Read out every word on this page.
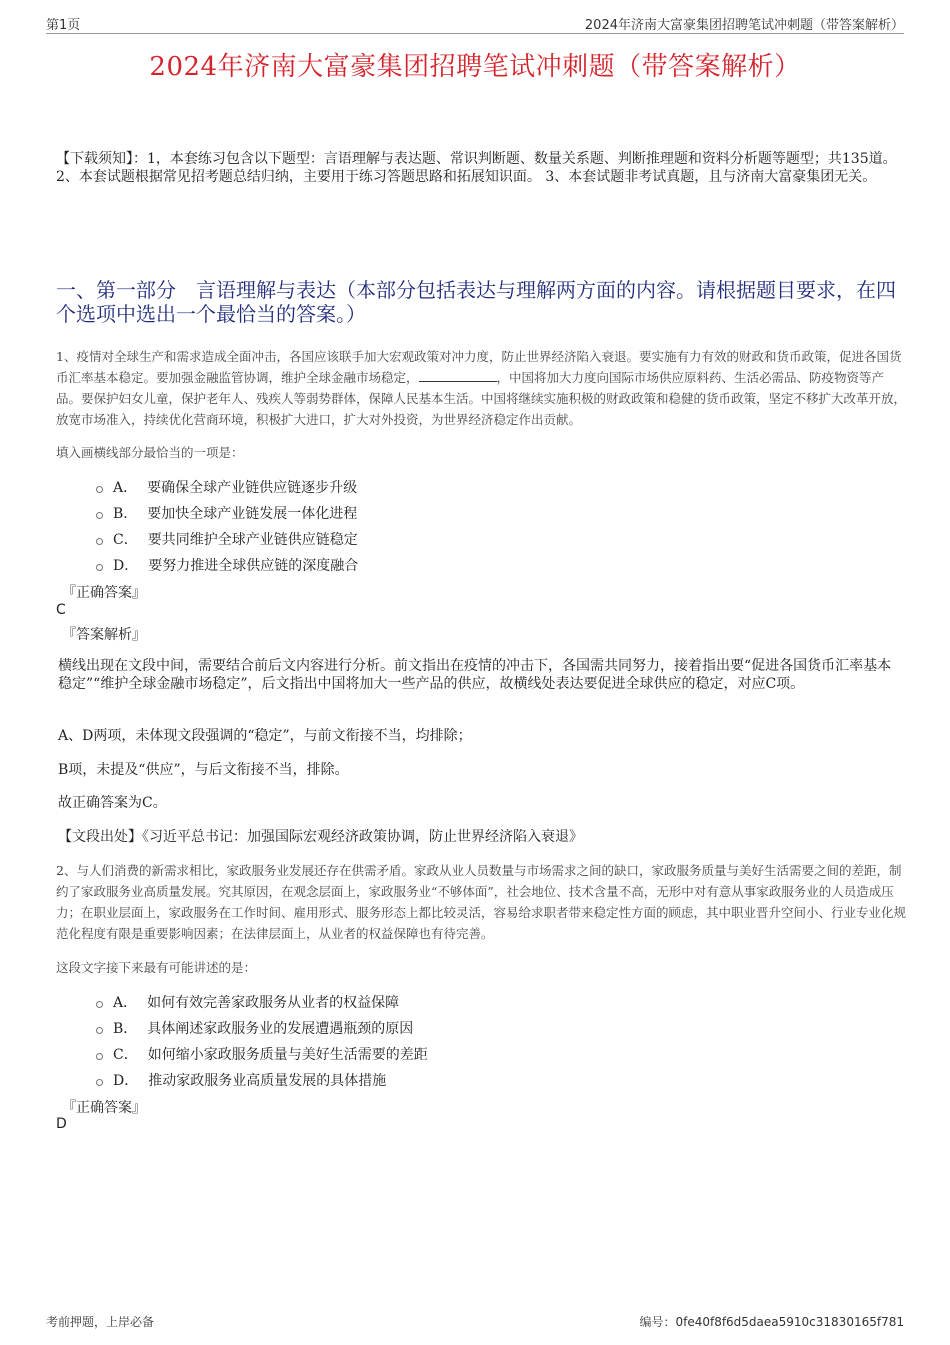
第1页	2024年济南大富豪集团招聘笔试冲刺题（带答案解析）
2024年济南大富豪集团招聘笔试冲刺题（带答案解析）
【下载须知】：1，本套练习包含以下题型：言语理解与表达题、常识判断题、数量关系题、判断推理题和资料分析题等题型；共135道。 2、本套试题根据常见招考题总结归纳，主要用于练习答题思路和拓展知识面。 3、本套试题非考试真题，且与济南大富豪集团无关。
一、第一部分　言语理解与表达（本部分包括表达与理解两方面的内容。请根据题目要求，在四个选项中选出一个最恰当的答案。）
1、疫情对全球生产和需求造成全面冲击，各国应该联手加大宏观政策对冲力度，防止世界经济陷入衰退。要实施有力有效的财政和货币政策，促进各国货币汇率基本稳定。要加强金融监管协调，维护全球金融市场稳定，	，中国将加大力度向国际市场供应原料药、生活必需品、防疫物资等产品。要保护妇女儿童，保护老年人、残疾人等弱势群体，保障人民基本生活。中国将继续实施积极的财政政策和稳健的货币政策，坚定不移扩大改革开放，放宽市场准入，持续优化营商环境，积极扩大进口，扩大对外投资，为世界经济稳定作出贡献。
填入画横线部分最恰当的一项是：
A． 要确保全球产业链供应链逐步升级
B． 要加快全球产业链发展一体化进程
C． 要共同维护全球产业链供应链稳定
D． 要努力推进全球供应链的深度融合
『正确答案』
C
『答案解析』
横线出现在文段中间，需要结合前后文内容进行分析。前文指出在疫情的冲击下，各国需共同努力，接着指出要“促进各国货币汇率基本稳定”“维护全球金融市场稳定”，后文指出中国将加大一些产品的供应，故横线处表达要促进全球供应的稳定，对应C项。
A、D两项，未体现文段强调的“稳定”，与前文衔接不当，均排除；
B项，未提及“供应”，与后文衔接不当，排除。
故正确答案为C。
【文段出处】《习近平总书记：加强国际宏观经济政策协调，防止世界经济陷入衰退》
2、与人们消费的新需求相比，家政服务业发展还存在供需矛盾。家政从业人员数量与市场需求之间的缺口，家政服务质量与美好生活需要之间的差距，制约了家政服务业高质量发展。究其原因，在观念层面上，家政服务业“不够体面”，社会地位、技术含量不高，无形中对有意从事家政服务业的人员造成压力；在职业层面上，家政服务在工作时间、雇用形式、服务形态上都比较灵活，容易给求职者带来稳定性方面的顾虑，其中职业晋升空间小、行业专业化规范化程度有限是重要影响因素；在法律层面上，从业者的权益保障也有待完善。
这段文字接下来最有可能讲述的是：
A． 如何有效完善家政服务从业者的权益保障
B． 具体阐述家政服务业的发展遭遇瓶颈的原因
C． 如何缩小家政服务质量与美好生活需要的差距
D． 推动家政服务业高质量发展的具体措施
『正确答案』
D
考前押题，上岸必备	编号：0fe40f8f6d5daea5910c31830165f781
